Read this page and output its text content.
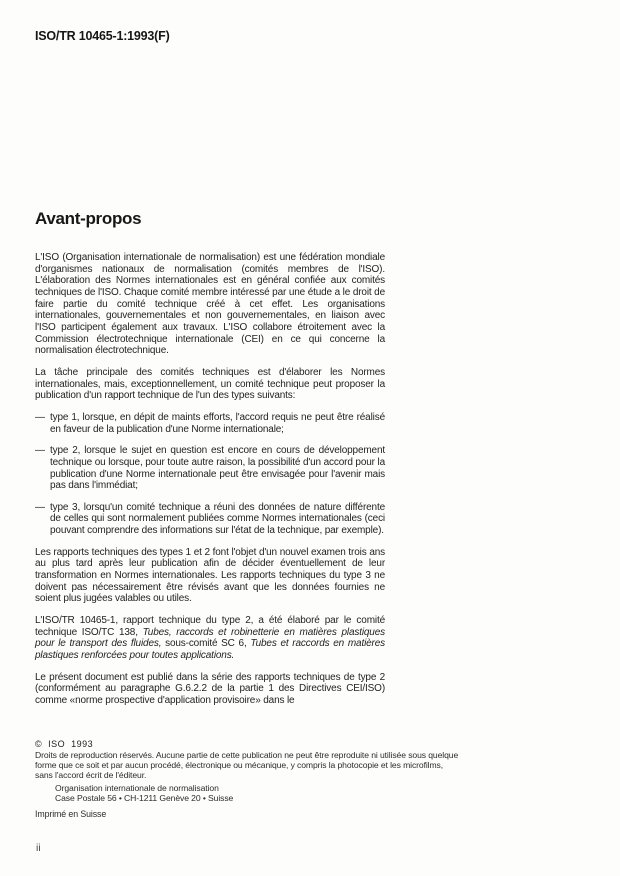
ISO/TR 10465-1:1993(F)
Avant-propos

L'ISO (Organisation internationale de normalisation) est une fédération mondiale d'organismes nationaux de normalisation (comités membres de l'ISO). L'élaboration des Normes internationales est en général confiée aux comités techniques de l'ISO. Chaque comité membre intéressé par une étude a le droit de faire partie du comité technique créé à cet effet. Les organisations internationales, gouvernementales et non gouvernementales, en liaison avec l'ISO participent également aux travaux. L'ISO collabore étroitement avec la Commission électrotechnique internationale (CEI) en ce qui concerne la normalisation électrotechnique.

La tâche principale des comités techniques est d'élaborer les Normes internationales, mais, exceptionnellement, un comité technique peut proposer la publication d'un rapport technique de l'un des types suivants:

— type 1, lorsque, en dépit de maints efforts, l'accord requis ne peut être réalisé en faveur de la publication d'une Norme internationale;
— type 2, lorsque le sujet en question est encore en cours de développement technique ou lorsque, pour toute autre raison, la possibilité d'un accord pour la publication d'une Norme internationale peut être envisagée pour l'avenir mais pas dans l'immédiat;
— type 3, lorsqu'un comité technique a réuni des données de nature différente de celles qui sont normalement publiées comme Normes internationales (ceci pouvant comprendre des informations sur l'état de la technique, par exemple).

Les rapports techniques des types 1 et 2 font l'objet d'un nouvel examen trois ans au plus tard après leur publication afin de décider éventuellement de leur transformation en Normes internationales. Les rapports techniques du type 3 ne doivent pas nécessairement être révisés avant que les données fournies ne soient plus jugées valables ou utiles.

L'ISO/TR 10465-1, rapport technique du type 2, a été élaboré par le comité technique ISO/TC 138, Tubes, raccords et robinetterie en matières plastiques pour le transport des fluides, sous-comité SC 6, Tubes et raccords en matières plastiques renforcées pour toutes applications.

Le présent document est publié dans la série des rapports techniques de type 2 (conformément au paragraphe G.6.2.2 de la partie 1 des Directives CEI/ISO) comme «norme prospective d'application provisoire» dans le

©  ISO  1993
Droits de reproduction réservés. Aucune partie de cette publication ne peut être reproduite ni utilisée sous quelque forme que ce soit et par aucun procédé, électronique ou mécanique, y compris la photocopie et les microfilms, sans l'accord écrit de l'éditeur.
Organisation internationale de normalisation
Case Postale 56 • CH-1211 Genève 20 • Suisse
Imprimé en Suisse
ii
